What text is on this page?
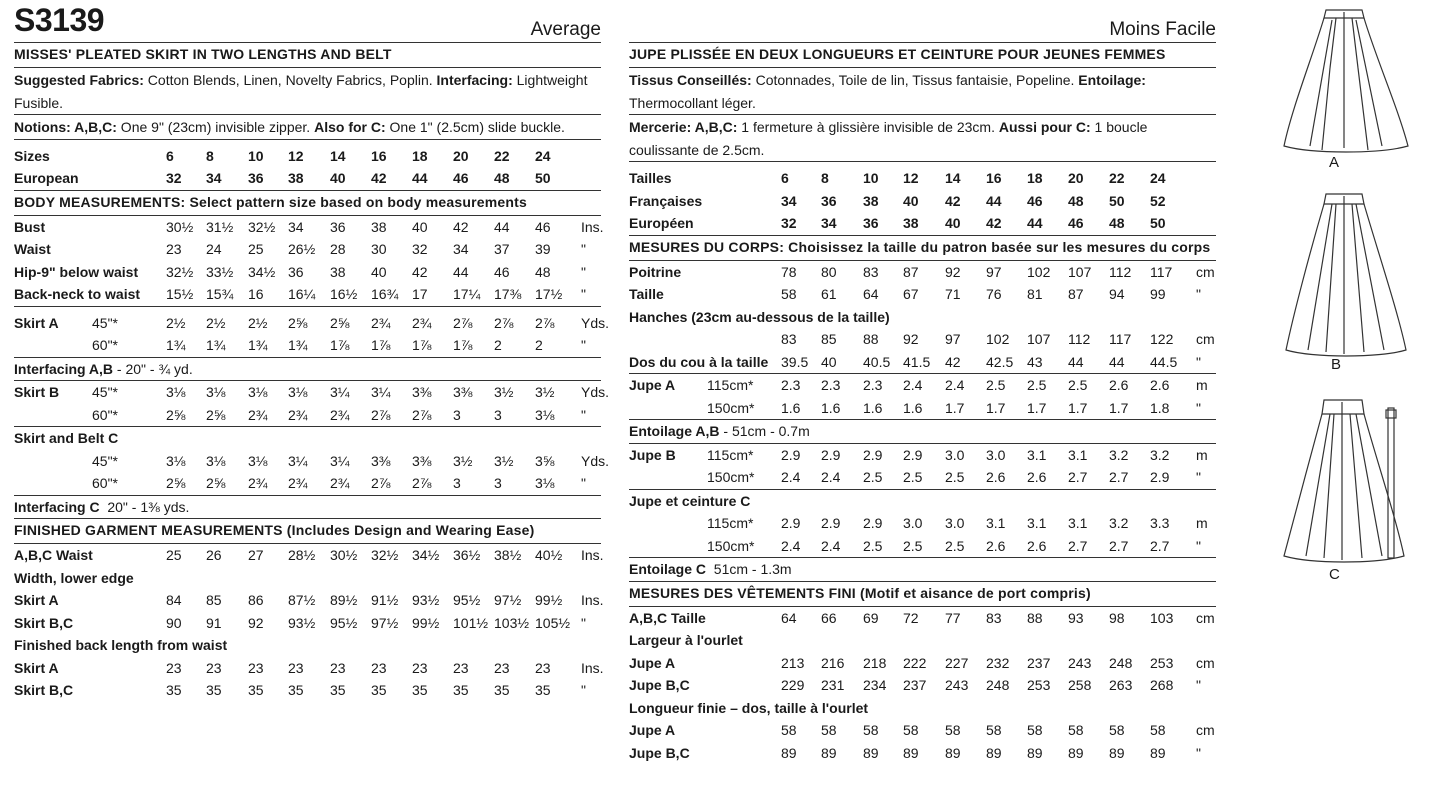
S3139	Average
MISSES' PLEATED SKIRT IN TWO LENGTHS AND BELT
Suggested Fabrics: Cotton Blends, Linen, Novelty Fabrics, Poplin. Interfacing: Lightweight Fusible.
Notions: A,B,C: One 9" (23cm) invisible zipper. Also for C: One 1" (2.5cm) slide buckle.
Sizes	6 8 10 12 14 16 18 20 22 24
European	32 34 36 38 40 42 44 46 48 50
BODY MEASUREMENTS: Select pattern size based on body measurements
Bust	30½ 31½ 32½ 34 36 38 40 42 44 46 Ins.
Waist	23 24 25 26½ 28 30 32 34 37 39 "
Hip-9" below waist 32½ 33½ 34½ 36 38 40 42 44 46 48 "
Back-neck to waist 15½ 15¾ 16 16¼ 16½ 16¾ 17 17¼ 17⅜ 17½ "
Skirt A 45"*	2½ 2½ 2½ 2⅝ 2⅝ 2¾ 2¾ 2⅞ 2⅞ 2⅞ Yds.
60"*	1¾ 1¾ 1¾ 1¾ 1⅞ 1⅞ 1⅞ 1⅞ 2 2	"
Interfacing A,B - 20" - ¾ yd.
Skirt B 45"*	3⅛ 3⅛ 3⅛ 3⅛ 3¼ 3¼ 3⅜ 3⅜ 3½ 3½ Yds.
60"*	2⅝ 2⅝ 2¾ 2¾ 2¾ 2⅞ 2⅞ 3 3 3⅛ "
Skirt and Belt C
45"*	3⅛ 3⅛ 3⅛ 3¼ 3¼ 3⅜ 3⅜ 3½ 3½ 3⅝ Yds.
60"*	2⅝ 2⅝ 2¾ 2¾ 2¾ 2⅞ 2⅞ 3 3 3⅛ "
Interfacing C 20" - 1⅜ yds.
FINISHED GARMENT MEASUREMENTS (Includes Design and Wearing Ease)
A,B,C Waist	25 26 27 28½ 30½ 32½ 34½ 36½ 38½ 40½ Ins.
Width, lower edge
Skirt A	84 85 86 87½ 89½ 91½ 93½ 95½ 97½ 99½ Ins.
Skirt B,C	90 91 92 93½ 95½ 97½ 99½ 101½ 103½ 105½ "
Finished back length from waist
Skirt A	23 23 23 23 23 23 23 23 23 23 Ins.
Skirt B,C	35 35 35 35 35 35 35 35 35 35 "
Moins Facile
JUPE PLISSÉE EN DEUX LONGUEURS ET CEINTURE POUR JEUNES FEMMES
Tissus Conseillés: Cotonnades, Toile de lin, Tissus fantaisie, Popeline. Entoilage: Thermocollant léger.
Mercerie: A,B,C: 1 fermeture à glissière invisible de 23cm. Aussi pour C: 1 boucle coulissante de 2.5cm.
Tailles	6 8 10 12 14 16 18 20 22 24
Françaises	34 36 38 40 42 44 46 48 50 52
Européen	32 34 36 38 40 42 44 46 48 50
MESURES DU CORPS: Choisissez la taille du patron basée sur les mesures du corps
Poitrine	78 80 83 87 92 97 102 107 112 117 cm
Taille	58 61 64 67 71 76 81 87 94 99 "
Hanches (23cm au-dessous de la taille)
83 85 88 92 97 102 107 112 117 122 cm
Dos du cou à la taille 39.5 40 40.5 41.5 42 42.5 43 44 44 44.5 "
Jupe A 115cm* 2.3 2.3 2.3 2.4 2.4 2.5 2.5 2.5 2.6 2.6 m
150cm* 1.6 1.6 1.6 1.6 1.7 1.7 1.7 1.7 1.7 1.8 "
Entoilage A,B - 51cm - 0.7m
Jupe B 115cm* 2.9 2.9 2.9 2.9 3.0 3.0 3.1 3.1 3.2 3.2 m
150cm* 2.4 2.4 2.5 2.5 2.5 2.6 2.6 2.7 2.7 2.9 "
Jupe et ceinture C
115cm* 2.9 2.9 2.9 3.0 3.0 3.1 3.1 3.1 3.2 3.3 m
150cm* 2.4 2.4 2.5 2.5 2.5 2.6 2.6 2.7 2.7 2.7 "
Entoilage C 51cm - 1.3m
MESURES DES VÊTEMENTS FINI (Motif et aisance de port compris)
A,B,C Taille	64 66 69 72 77 83 88 93 98 103 cm
Largeur à l'ourlet
Jupe A	213 216 218 222 227 232 237 243 248 253 cm
Jupe B,C	229 231 234 237 243 248 253 258 263 268 "
Longueur finie – dos, taille à l'ourlet
Jupe A	58 58 58 58 58 58 58 58 58 58 cm
Jupe B,C	89 89 89 89 89 89 89 89 89 89 "
A
B
C
